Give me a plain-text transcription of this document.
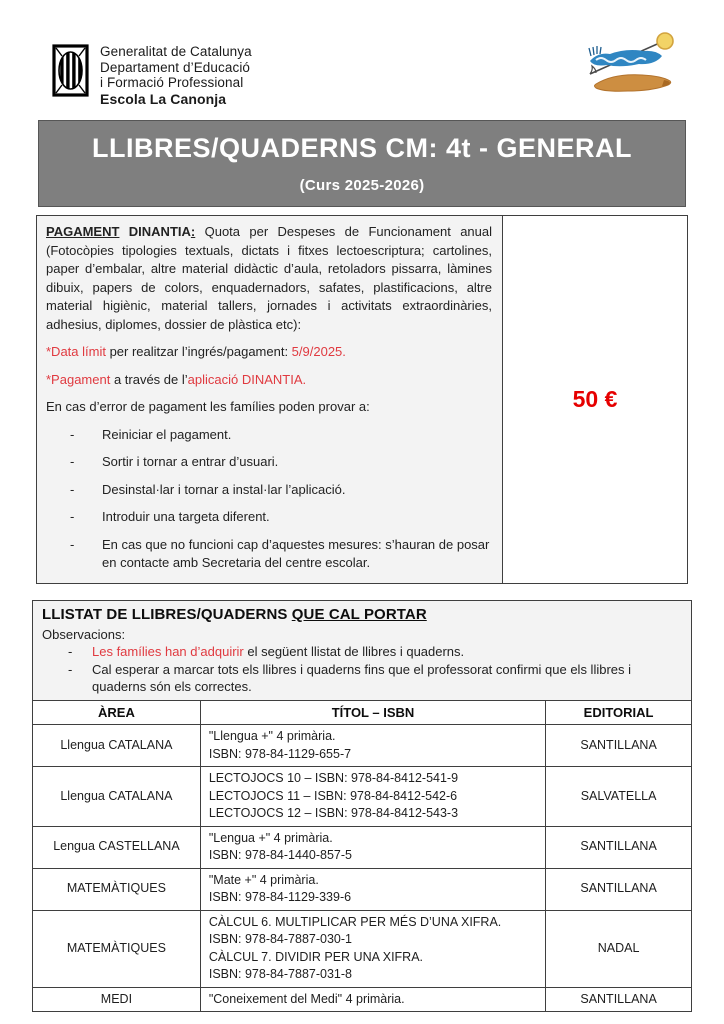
Generalitat de Catalunya
Departament d’Educació
i Formació Professional
Escola La Canonja
LLIBRES/QUADERNS CM: 4t - GENERAL
(Curs 2025-2026)
PAGAMENT DINANTIA: Quota per Despeses de Funcionament anual (Fotocòpies tipologies textuals, dictats i fitxes lectoescriptura; cartolines, paper d’embalar, altre material didàctic d’aula, retoladors pissarra, làmines dibuix, papers de colors, enquadernadors, safates, plastificacions, altre material higiènic, material tallers, jornades i activitats extraordinàries, adhesius, diplomes, dossier de plàstica etc):
*Data límit per realitzar l’ingrés/pagament: 5/9/2025.
*Pagament a través de l’aplicació DINANTIA.
En cas d’error de pagament les famílies poden provar a:
-	Reiniciar el pagament.
-	Sortir i tornar a entrar d’usuari.
-	Desinstal·lar i tornar a instal·lar l’aplicació.
-	Introduir una targeta diferent.
-	En cas que no funcioni cap d’aquestes mesures: s’hauran de posar en contacte amb Secretaria del centre escolar.
50 €
LLISTAT DE LLIBRES/QUADERNS QUE CAL PORTAR
Observacions:
-	Les famílies han d’adquirir el següent llistat de llibres i quaderns.
-	Cal esperar a marcar tots els llibres i quaderns fins que el professorat confirmi que els llibres i quaderns són els correctes.
ÀREA	TÍTOL – ISBN	EDITORIAL
Llengua CATALANA	"Llengua +" 4 primària.
ISBN: 978-84-1129-655-7	SANTILLANA
Llengua CATALANA	LECTOJOCS 10 – ISBN: 978-84-8412-541-9
LECTOJOCS 11 – ISBN: 978-84-8412-542-6
LECTOJOCS 12 – ISBN: 978-84-8412-543-3	SALVATELLA
Lengua CASTELLANA	"Lengua +" 4 primària.
ISBN: 978-84-1440-857-5	SANTILLANA
MATEMÀTIQUES	"Mate +" 4 primària.
ISBN: 978-84-1129-339-6	SANTILLANA
MATEMÀTIQUES	CÀLCUL 6. MULTIPLICAR PER MÉS D’UNA XIFRA.
ISBN: 978-84-7887-030-1
CÀLCUL 7. DIVIDIR PER UNA XIFRA.
ISBN: 978-84-7887-031-8	NADAL
MEDI	"Coneixement del Medi" 4 primària.	SANTILLANA
